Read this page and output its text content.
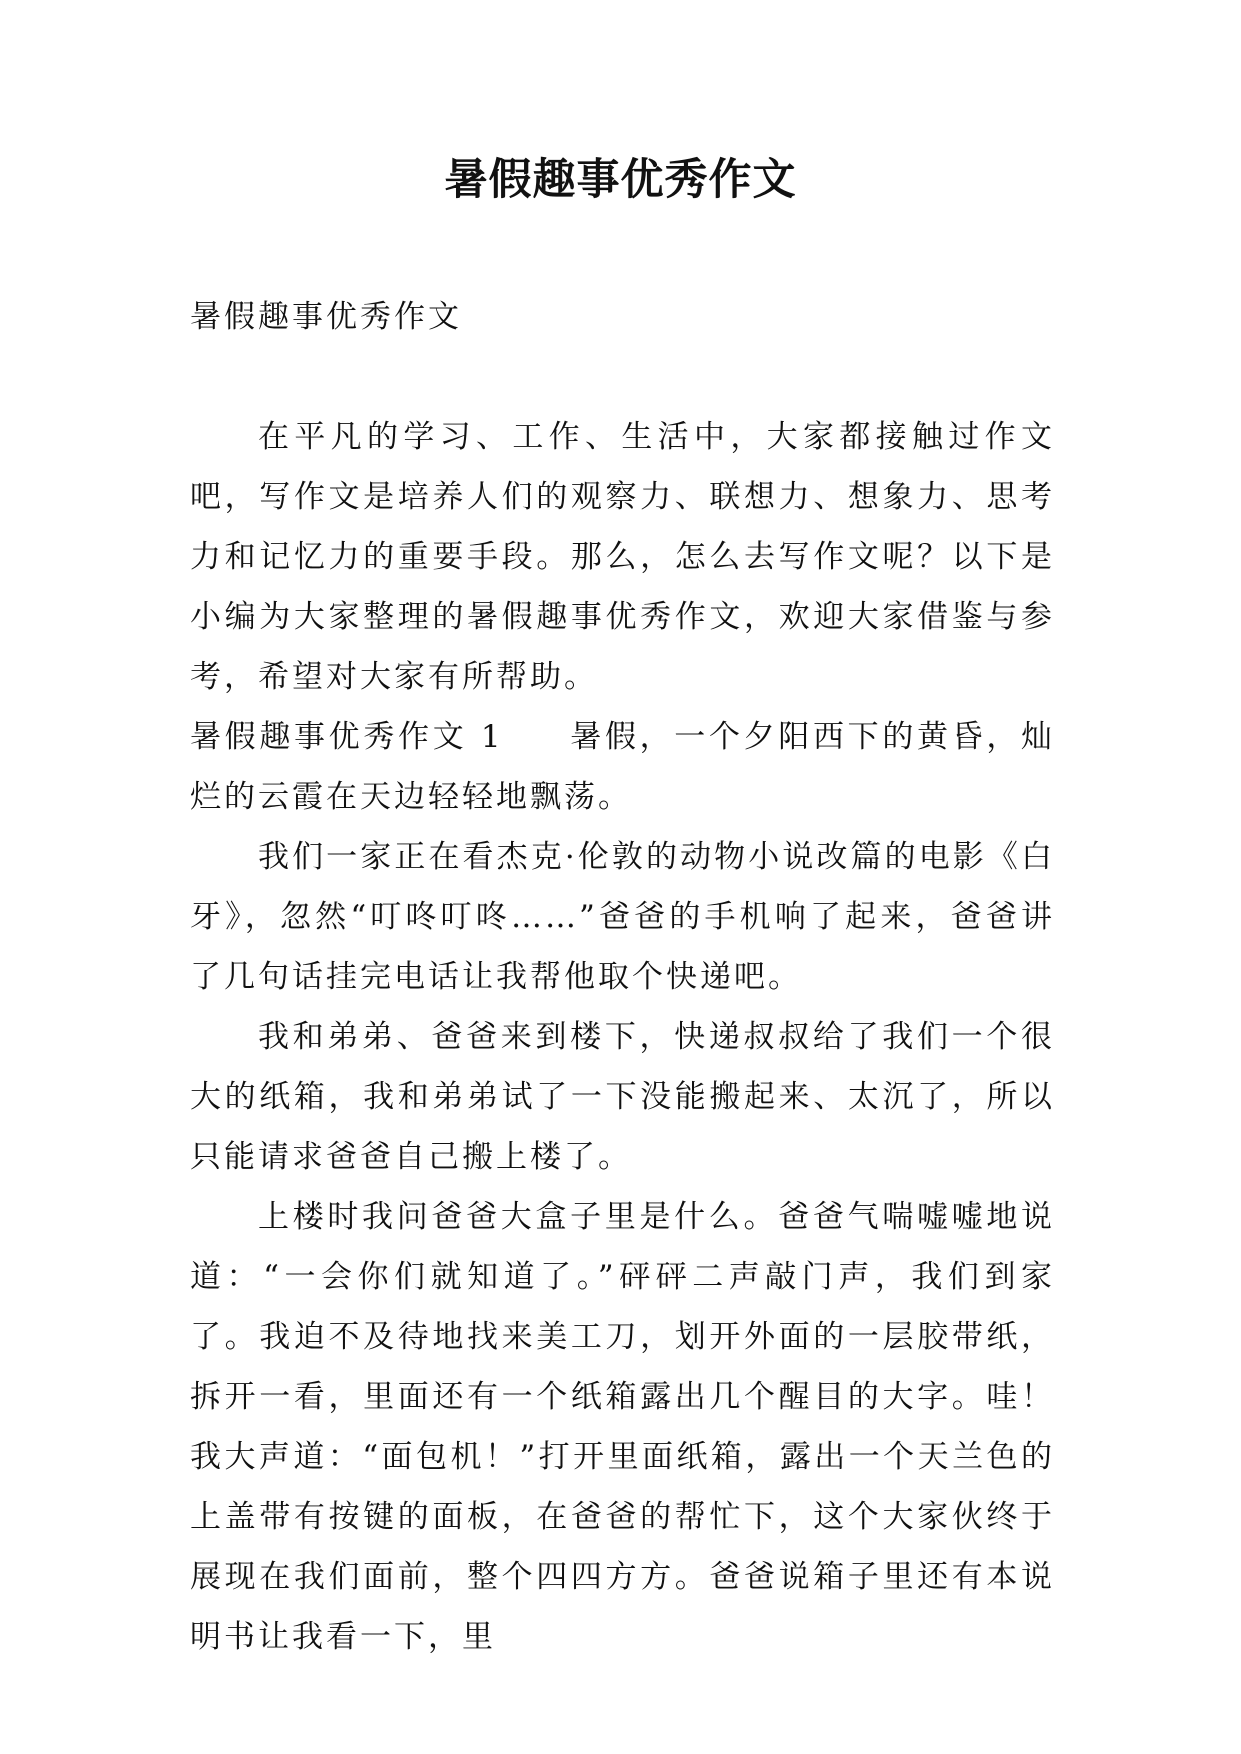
暑假趣事优秀作文

暑假趣事优秀作文

在平凡的学习、工作、生活中，大家都接触过作文吧，写作文是培养人们的观察力、联想力、想象力、思考力和记忆力的重要手段。那么，怎么去写作文呢？以下是小编为大家整理的暑假趣事优秀作文，欢迎大家借鉴与参考，希望对大家有所帮助。

暑假趣事优秀作文 1 暑假，一个夕阳西下的黄昏，灿烂的云霞在天边轻轻地飘荡。

我们一家正在看杰克·伦敦的动物小说改篇的电影《白牙》，忽然“叮咚叮咚……”爸爸的手机响了起来，爸爸讲了几句话挂完电话让我帮他取个快递吧。

我和弟弟、爸爸来到楼下，快递叔叔给了我们一个很大的纸箱，我和弟弟试了一下没能搬起来、太沉了，所以只能请求爸爸自己搬上楼了。

上楼时我问爸爸大盒子里是什么。爸爸气喘嘘嘘地说道：“一会你们就知道了。”砰砰二声敲门声，我们到家了。我迫不及待地找来美工刀，划开外面的一层胶带纸，拆开一看，里面还有一个纸箱露出几个醒目的大字。哇！我大声道：“面包机！”打开里面纸箱，露出一个天兰色的上盖带有按键的面板，在爸爸的帮忙下，这个大家伙终于展现在我们面前，整个四四方方。爸爸说箱子里还有本说明书让我看一下，里
